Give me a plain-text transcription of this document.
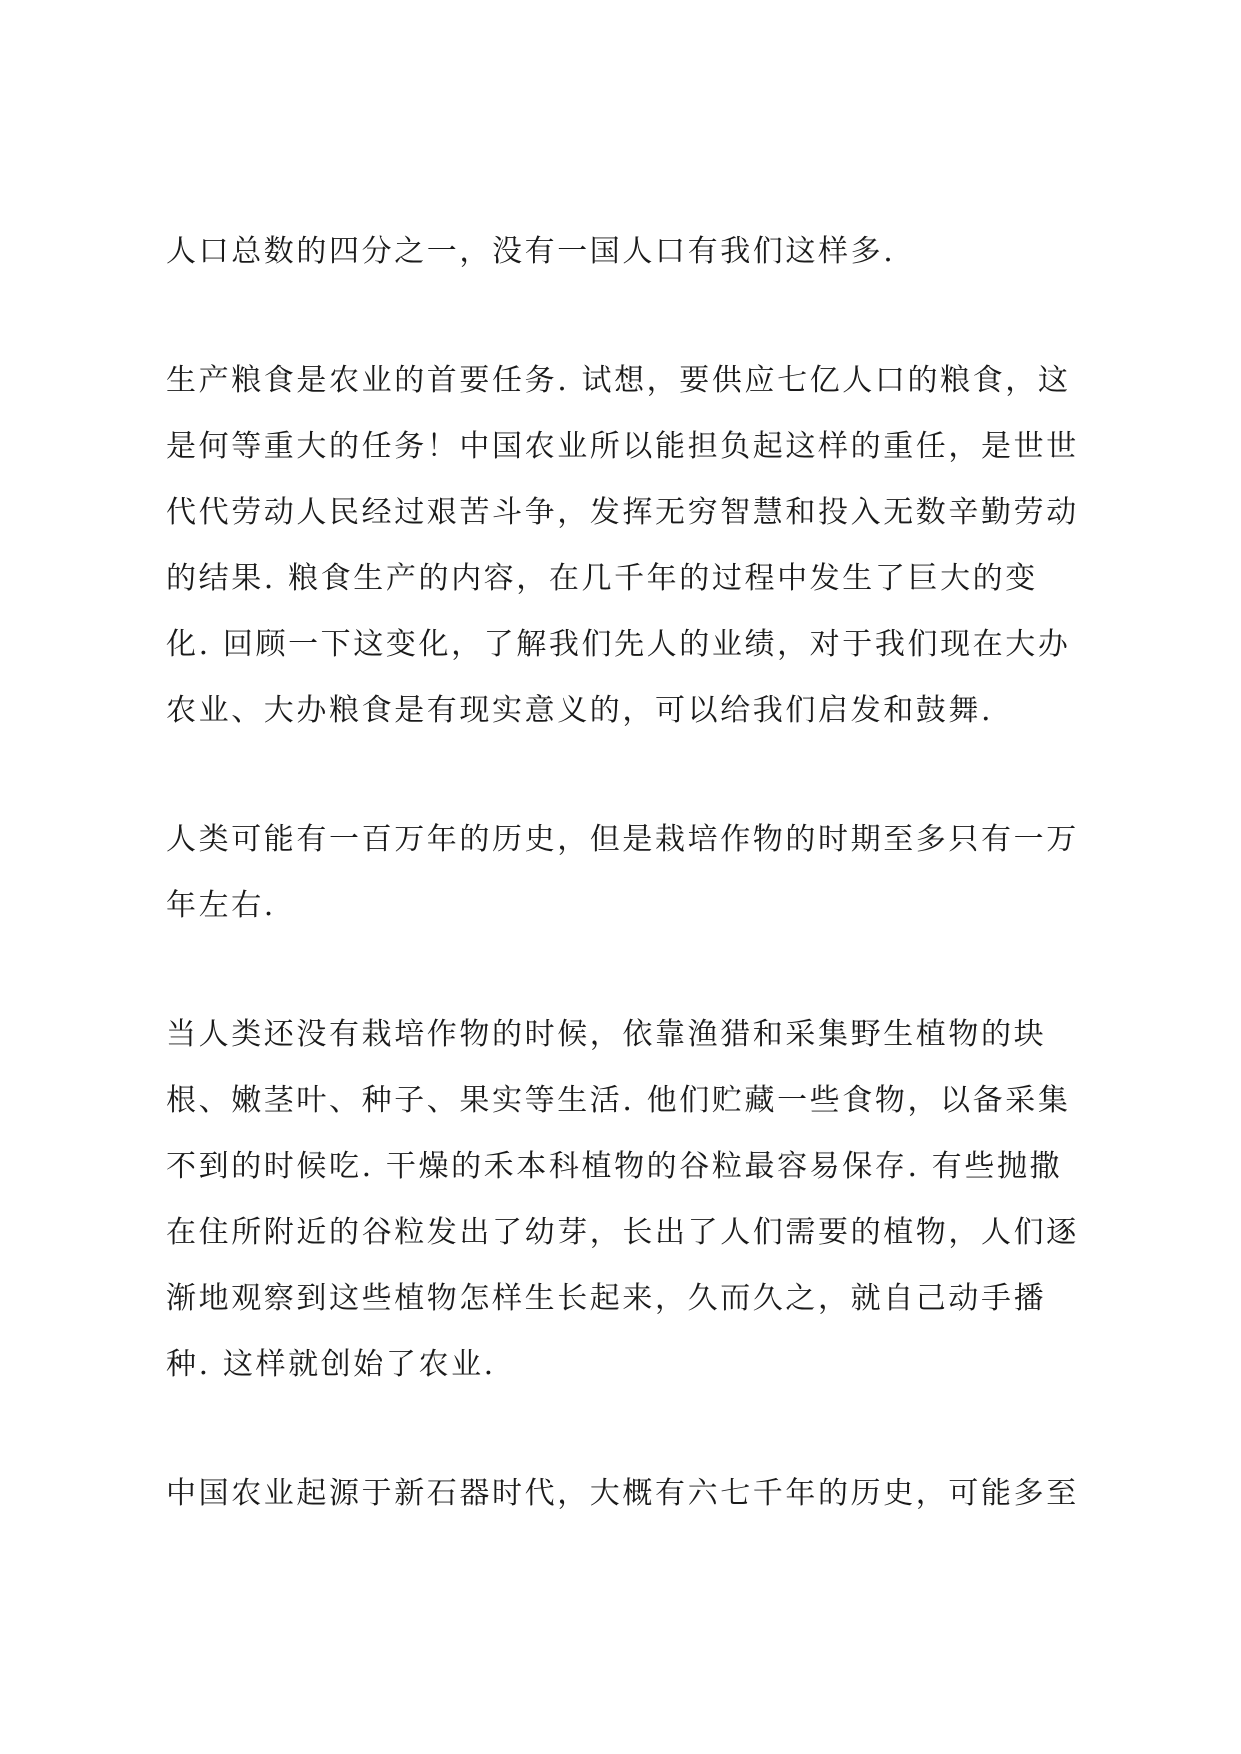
人口总数的四分之一，没有一国人口有我们这样多.
生产粮食是农业的首要任务. 试想，要供应七亿人口的粮食，这
是何等重大的任务！中国农业所以能担负起这样的重任，是世世
代代劳动人民经过艰苦斗争，发挥无穷智慧和投入无数辛勤劳动
的结果. 粮食生产的内容，在几千年的过程中发生了巨大的变
化. 回顾一下这变化，了解我们先人的业绩，对于我们现在大办
农业、大办粮食是有现实意义的，可以给我们启发和鼓舞.
人类可能有一百万年的历史，但是栽培作物的时期至多只有一万
年左右.
当人类还没有栽培作物的时候，依靠渔猎和采集野生植物的块
根、嫩茎叶、种子、果实等生活. 他们贮藏一些食物，以备采集
不到的时候吃. 干燥的禾本科植物的谷粒最容易保存. 有些抛撒
在住所附近的谷粒发出了幼芽，长出了人们需要的植物，人们逐
渐地观察到这些植物怎样生长起来，久而久之，就自己动手播
种. 这样就创始了农业.
中国农业起源于新石器时代，大概有六七千年的历史，可能多至
